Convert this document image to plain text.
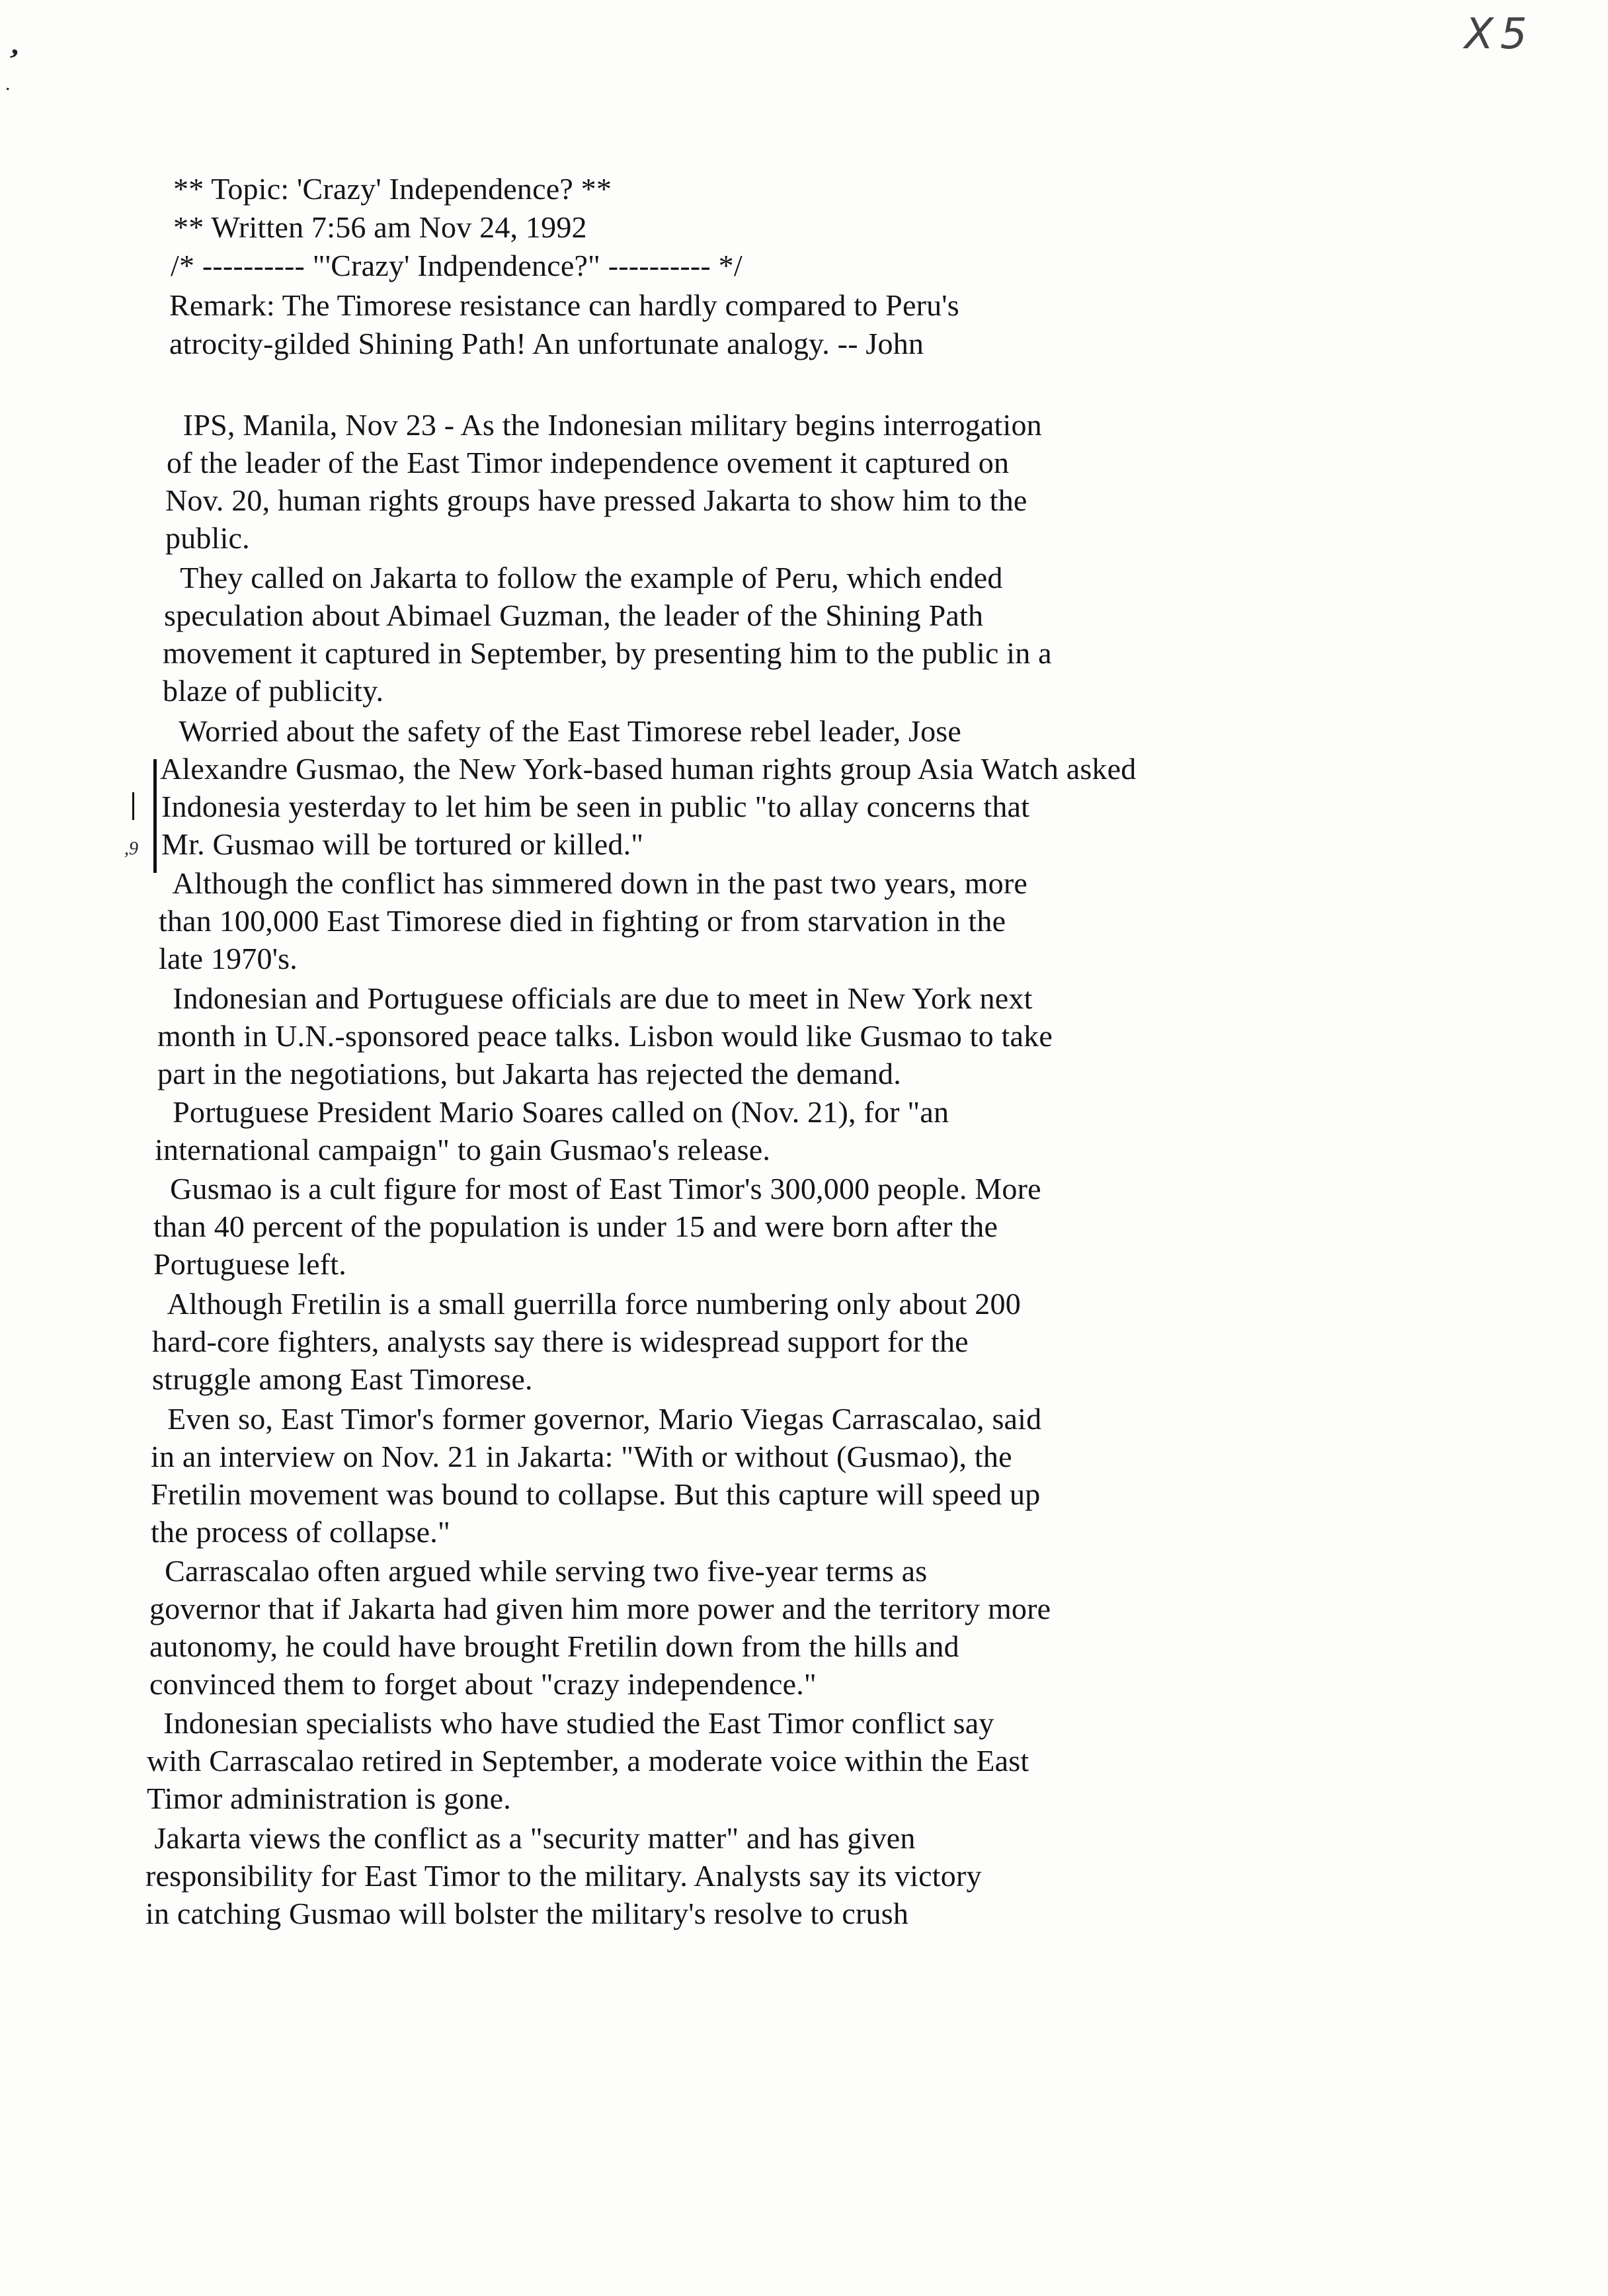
,
.
X5
** Topic: 'Crazy' Independence? **
** Written 7:56 am Nov 24, 1992
/* ---------- "'Crazy' Indpendence?" ---------- */
Remark: The Timorese resistance can hardly compared to Peru's
atrocity-gilded Shining Path! An unfortunate analogy. -- John
,9
IPS, Manila, Nov 23 - As the Indonesian military begins interrogation
of the leader of the East Timor independence ovement it captured on
Nov. 20, human rights groups have pressed Jakarta to show him to the
public.
They called on Jakarta to follow the example of Peru, which ended
speculation about Abimael Guzman, the leader of the Shining Path
movement it captured in September, by presenting him to the public in a
blaze of publicity.
Worried about the safety of the East Timorese rebel leader, Jose
Alexandre Gusmao, the New York-based human rights group Asia Watch asked
Indonesia yesterday to let him be seen in public "to allay concerns that
Mr. Gusmao will be tortured or killed."
Although the conflict has simmered down in the past two years, more
than 100,000 East Timorese died in fighting or from starvation in the
late 1970's.
Indonesian and Portuguese officials are due to meet in New York next
month in U.N.-sponsored peace talks. Lisbon would like Gusmao to take
part in the negotiations, but Jakarta has rejected the demand.
Portuguese President Mario Soares called on (Nov. 21), for "an
international campaign" to gain Gusmao's release.
Gusmao is a cult figure for most of East Timor's 300,000 people. More
than 40 percent of the population is under 15 and were born after the
Portuguese left.
Although Fretilin is a small guerrilla force numbering only about 200
hard-core fighters, analysts say there is widespread support for the
struggle among East Timorese.
Even so, East Timor's former governor, Mario Viegas Carrascalao, said
in an interview on Nov. 21 in Jakarta: "With or without (Gusmao), the
Fretilin movement was bound to collapse. But this capture will speed up
the process of collapse."
Carrascalao often argued while serving two five-year terms as
governor that if Jakarta had given him more power and the territory more
autonomy, he could have brought Fretilin down from the hills and
convinced them to forget about "crazy independence."
Indonesian specialists who have studied the East Timor conflict say
with Carrascalao retired in September, a moderate voice within the East
Timor administration is gone.
Jakarta views the conflict as a "security matter" and has given
responsibility for East Timor to the military. Analysts say its victory
in catching Gusmao will bolster the military's resolve to crush
